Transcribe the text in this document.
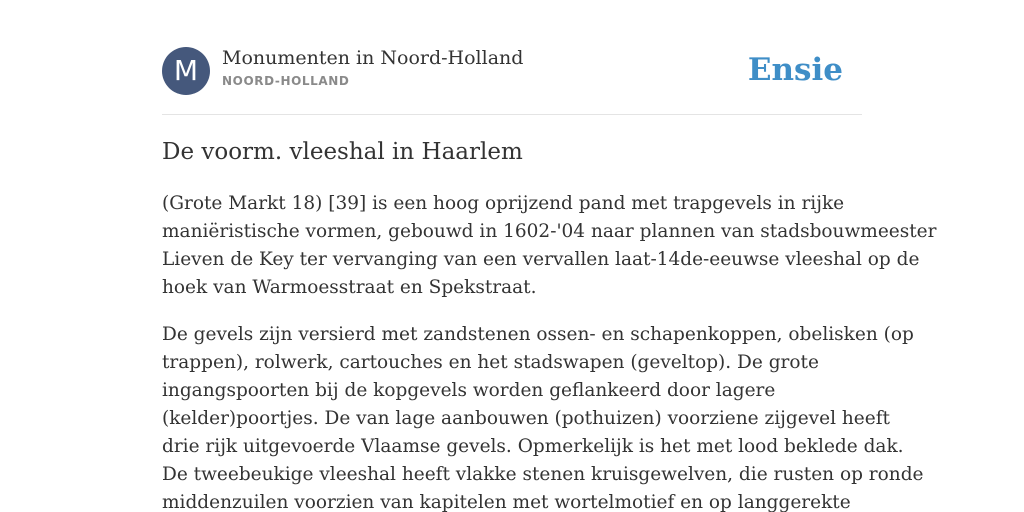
M	Monumenten in Noord-Holland
NOORD-HOLLAND	Ensie
De voorm. vleeshal in Haarlem

(Grote Markt 18) [39] is een hoog oprijzend pand met trapgevels in rijke
maniëristische vormen, gebouwd in 1602-'04 naar plannen van stadsbouwmeester
Lieven de Key ter vervanging van een vervallen laat-14de-eeuwse vleeshal op de
hoek van Warmoesstraat en Spekstraat.

De gevels zijn versierd met zandstenen ossen- en schapenkoppen, obelisken (op
trappen), rolwerk, cartouches en het stadswapen (geveltop). De grote
ingangspoorten bij de kopgevels worden geflankeerd door lagere
(kelder)poortjes. De van lage aanbouwen (pothuizen) voorziene zijgevel heeft
drie rijk uitgevoerde Vlaamse gevels. Opmerkelijk is het met lood beklede dak.
De tweebeukige vleeshal heeft vlakke stenen kruisgewelven, die rusten op ronde
middenzuilen voorzien van kapitelen met wortelmotief en op langgerekte
